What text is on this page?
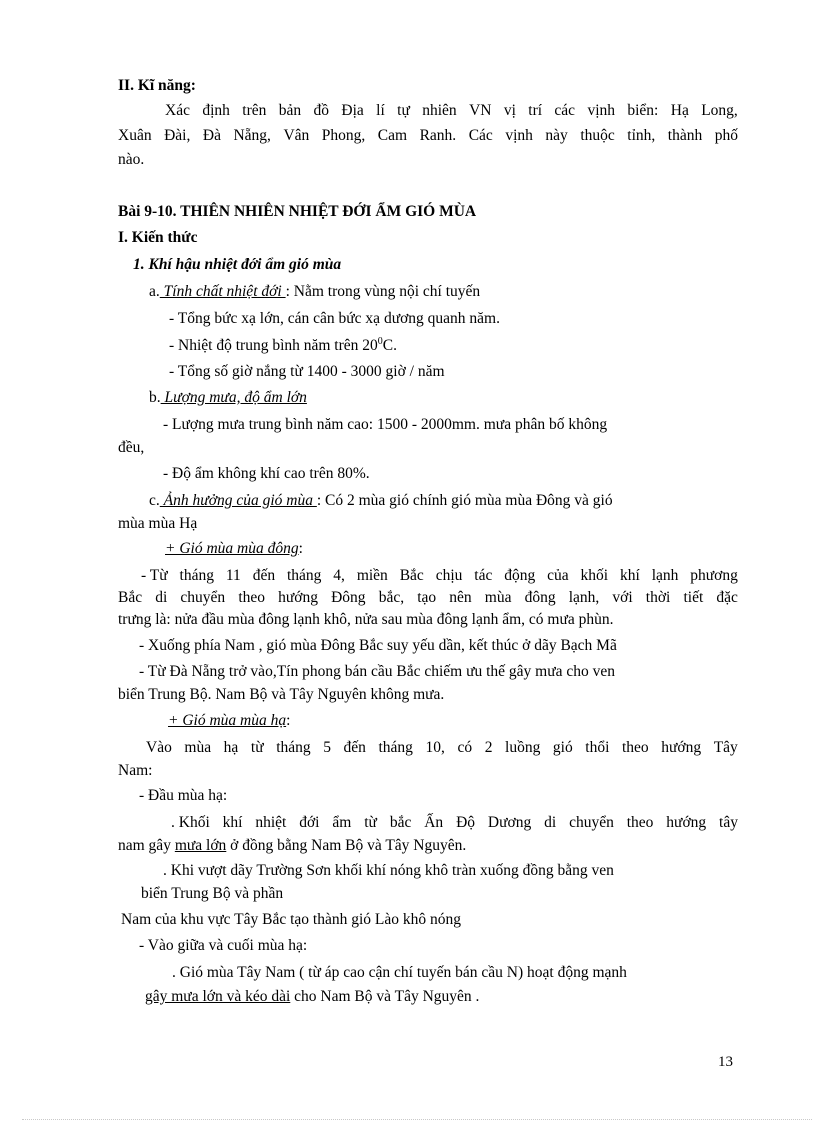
II. Kĩ năng:
Xác định trên bản đồ Địa lí tự nhiên VN vị trí các vịnh biển: Hạ Long,
Xuân Đài, Đà Nẵng, Vân Phong, Cam Ranh. Các vịnh này thuộc tỉnh, thành phố
nào.
Bài 9-10. THIÊN NHIÊN NHIỆT ĐỚI ẨM GIÓ MÙA
I. Kiến thức
1. Khí hậu nhiệt đới ẩm gió mùa
a. Tính chất nhiệt đới : Nằm trong vùng nội chí tuyến
- Tổng bức xạ lớn, cán cân bức xạ dương quanh năm.
- Nhiệt độ trung bình năm trên $20^0C$.
- Tổng số giờ nắng từ 1400 - 3000 giờ / năm
b. Lượng mưa, độ ẩm lớn
- Lượng mưa trung bình năm cao: 1500 - 2000mm. mưa phân bố không
đều,
- Độ ẩm không khí cao trên 80%.
c. Ảnh hưởng của gió mùa : Có 2 mùa gió chính gió mùa mùa Đông và gió
mùa mùa Hạ
+ Gió mùa mùa đông:
- Từ tháng 11 đến tháng 4, miền Bắc chịu tác động của khối khí lạnh phương
Bắc di chuyển theo hướng Đông bắc, tạo nên mùa đông lạnh, với thời tiết đặc
trưng là: nửa đầu mùa đông lạnh khô, nửa sau mùa đông lạnh ẩm, có mưa phùn.
- Xuống phía Nam , gió mùa Đông Bắc suy yếu dần, kết thúc ở dãy Bạch Mã
- Từ Đà Nẵng trở vào,Tín phong bán cầu Bắc chiếm ưu thế gây mưa cho ven
biển Trung Bộ. Nam Bộ và Tây Nguyên không mưa.
+ Gió mùa mùa hạ:
Vào mùa hạ từ tháng 5 đến tháng 10, có 2 luồng gió thổi theo hướng Tây
Nam:
- Đầu mùa hạ:
. Khối khí nhiệt đới ẩm từ bắc Ấn Độ Dương di chuyển theo hướng tây
nam gây mưa lớn ở đồng bằng Nam Bộ và Tây Nguyên.
. Khi vượt dãy Trường Sơn khối khí nóng khô tràn xuống đồng bằng ven
biển Trung Bộ và phần
Nam của khu vực Tây Bắc tạo thành gió Lào khô nóng
- Vào giữa và cuối mùa hạ:
. Gió mùa Tây Nam ( từ áp cao cận chí tuyến bán cầu N) hoạt động mạnh
gây mưa lớn và kéo dài cho Nam Bộ và Tây Nguyên .
13
